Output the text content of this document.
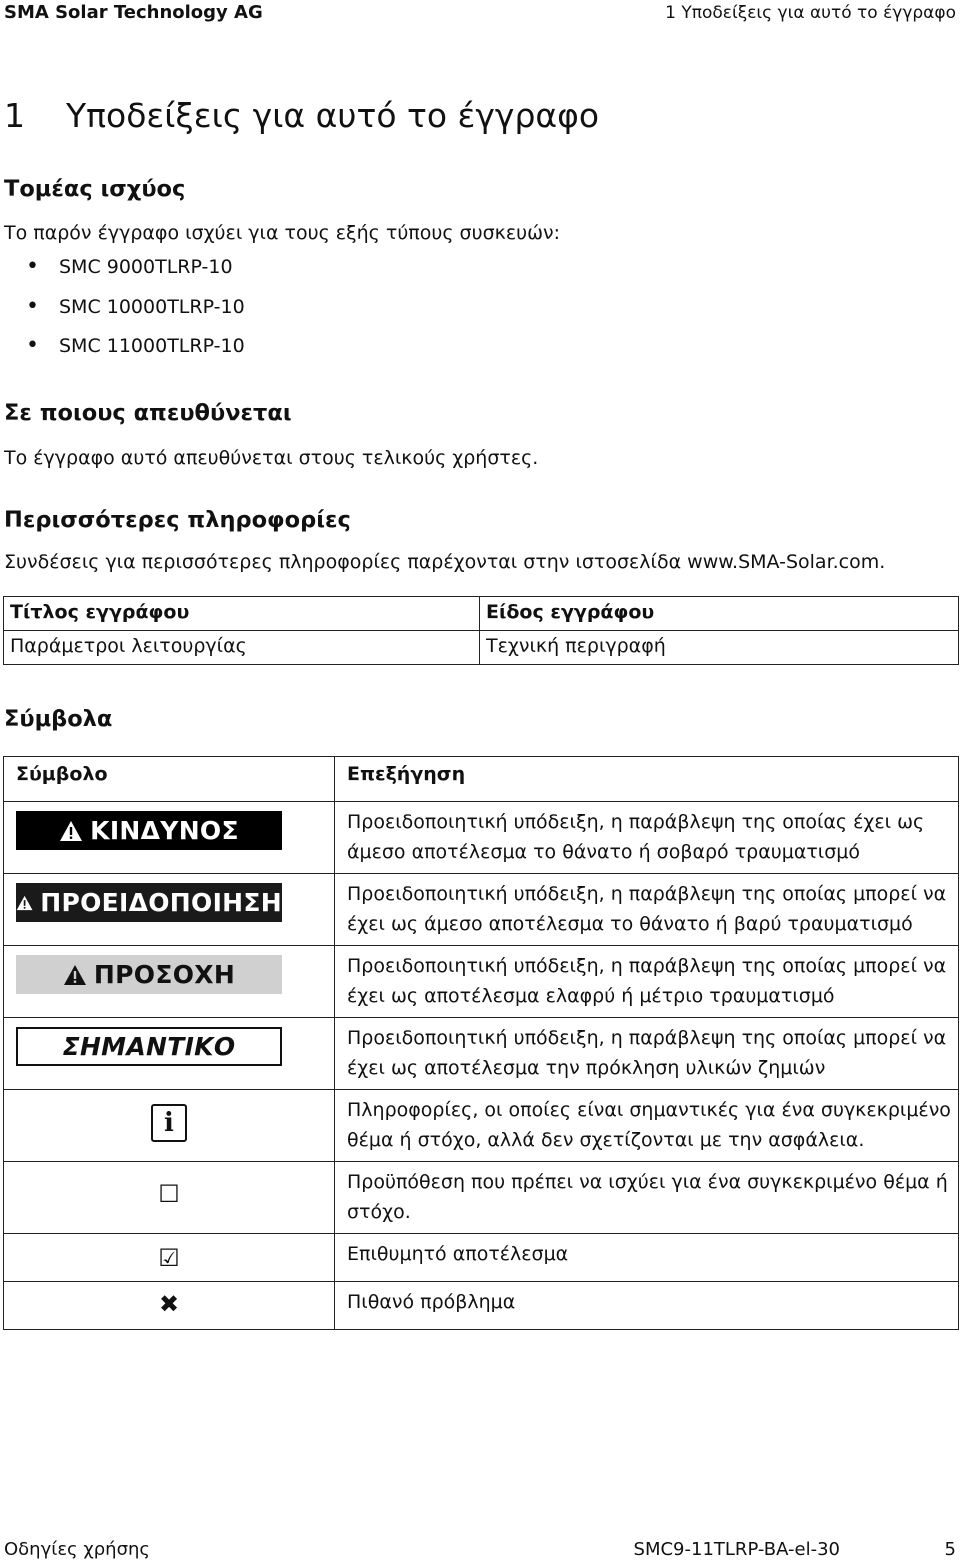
SMA Solar Technology AG	1 Υποδείξεις για αυτό το έγγραφο
1 Υποδείξεις για αυτό το έγγραφο
Τομέας ισχύος
Το παρόν έγγραφο ισχύει για τους εξής τύπους συσκευών:
• SMC 9000TLRP-10
• SMC 10000TLRP-10
• SMC 11000TLRP-10
Σε ποιους απευθύνεται
Το έγγραφο αυτό απευθύνεται στους τελικούς χρήστες.
Περισσότερες πληροφορίες
Συνδέσεις για περισσότερες πληροφορίες παρέχονται στην ιστοσελίδα www.SMA-Solar.com.
Τίτλος εγγράφου	Είδος εγγράφου
Παράμετροι λειτουργίας	Τεχνική περιγραφή
Σύμβολα
Σύμβολο	Επεξήγηση

ΚΙΝΔΥΝΟΣ	Προειδοποιητική υπόδειξη, η παράβλεψη της οποίας έχει ως άμεσο αποτέλεσμα το θάνατο ή σοβαρό τραυματισμό

ΠΡΟΕΙΔΟΠΟΙΗΣΗ	Προειδοποιητική υπόδειξη, η παράβλεψη της οποίας μπορεί να έχει ως άμεσο αποτέλεσμα το θάνατο ή βαρύ τραυματισμό

ΠΡΟΣΟΧΗ	Προειδοποιητική υπόδειξη, η παράβλεψη της οποίας μπορεί να έχει ως αποτέλεσμα ελαφρύ ή μέτριο τραυματισμό

ΣΗΜΑΝΤΙΚΟ	Προειδοποιητική υπόδειξη, η παράβλεψη της οποίας μπορεί να έχει ως αποτέλεσμα την πρόκληση υλικών ζημιών

i	Πληροφορίες, οι οποίες είναι σημαντικές για ένα συγκεκριμένο θέμα ή στόχο, αλλά δεν σχετίζονται με την ασφάλεια.

☐	Προϋπόθεση που πρέπει να ισχύει για ένα συγκεκριμένο θέμα ή στόχο.

☑	Επιθυμητό αποτέλεσμα

✖	Πιθανό πρόβλημα
Οδηγίες χρήσης	SMC9-11TLRP-BA-el-30	5
